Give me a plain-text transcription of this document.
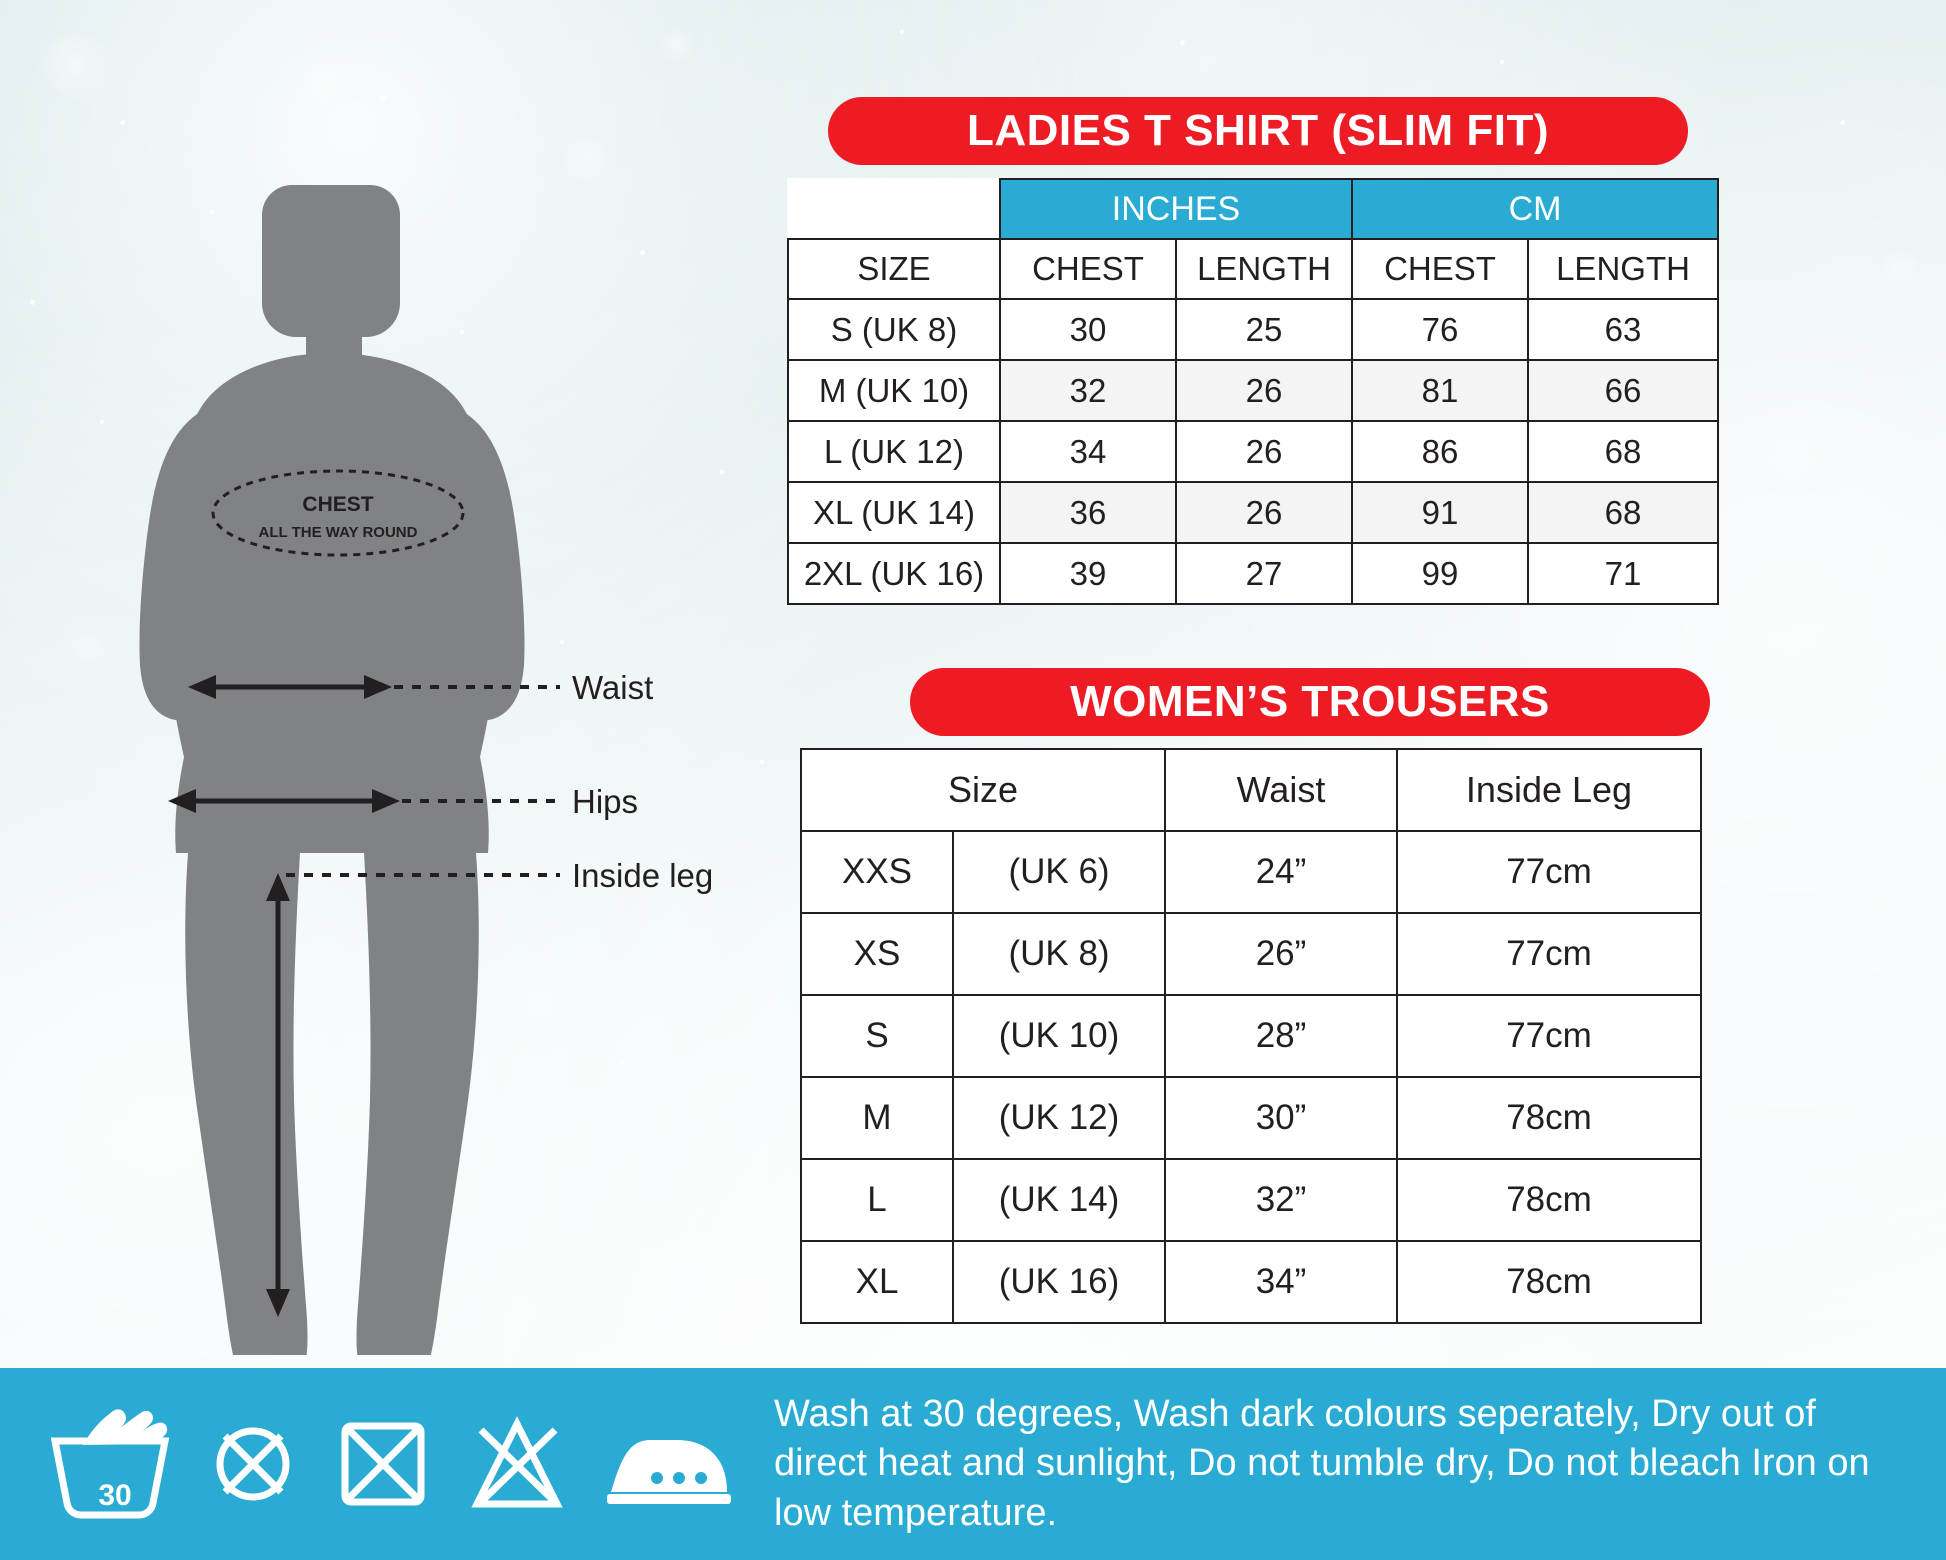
CHEST
ALL THE WAY ROUND
Waist
Hips
Inside leg
LADIES T SHIRT (SLIM FIT)
	INCHES		CM	
SIZE	CHEST	LENGTH	CHEST	LENGTH
S (UK 8)	30	25	76	63
M (UK 10)	32	26	81	66
L (UK 12)	34	26	86	68
XL (UK 14)	36	26	91	68
2XL (UK 16)	39	27	99	71
WOMEN’S TROUSERS
Size		Waist	Inside Leg
XXS	(UK 6)	24”	77cm
XS	(UK 8)	26”	77cm
S	(UK 10)	28”	77cm
M	(UK 12)	30”	78cm
L	(UK 14)	32”	78cm
XL	(UK 16)	34”	78cm
30
Wash at 30 degrees, Wash dark colours seperately, Dry out of direct heat and sunlight, Do not tumble dry, Do not bleach Iron on low temperature.
